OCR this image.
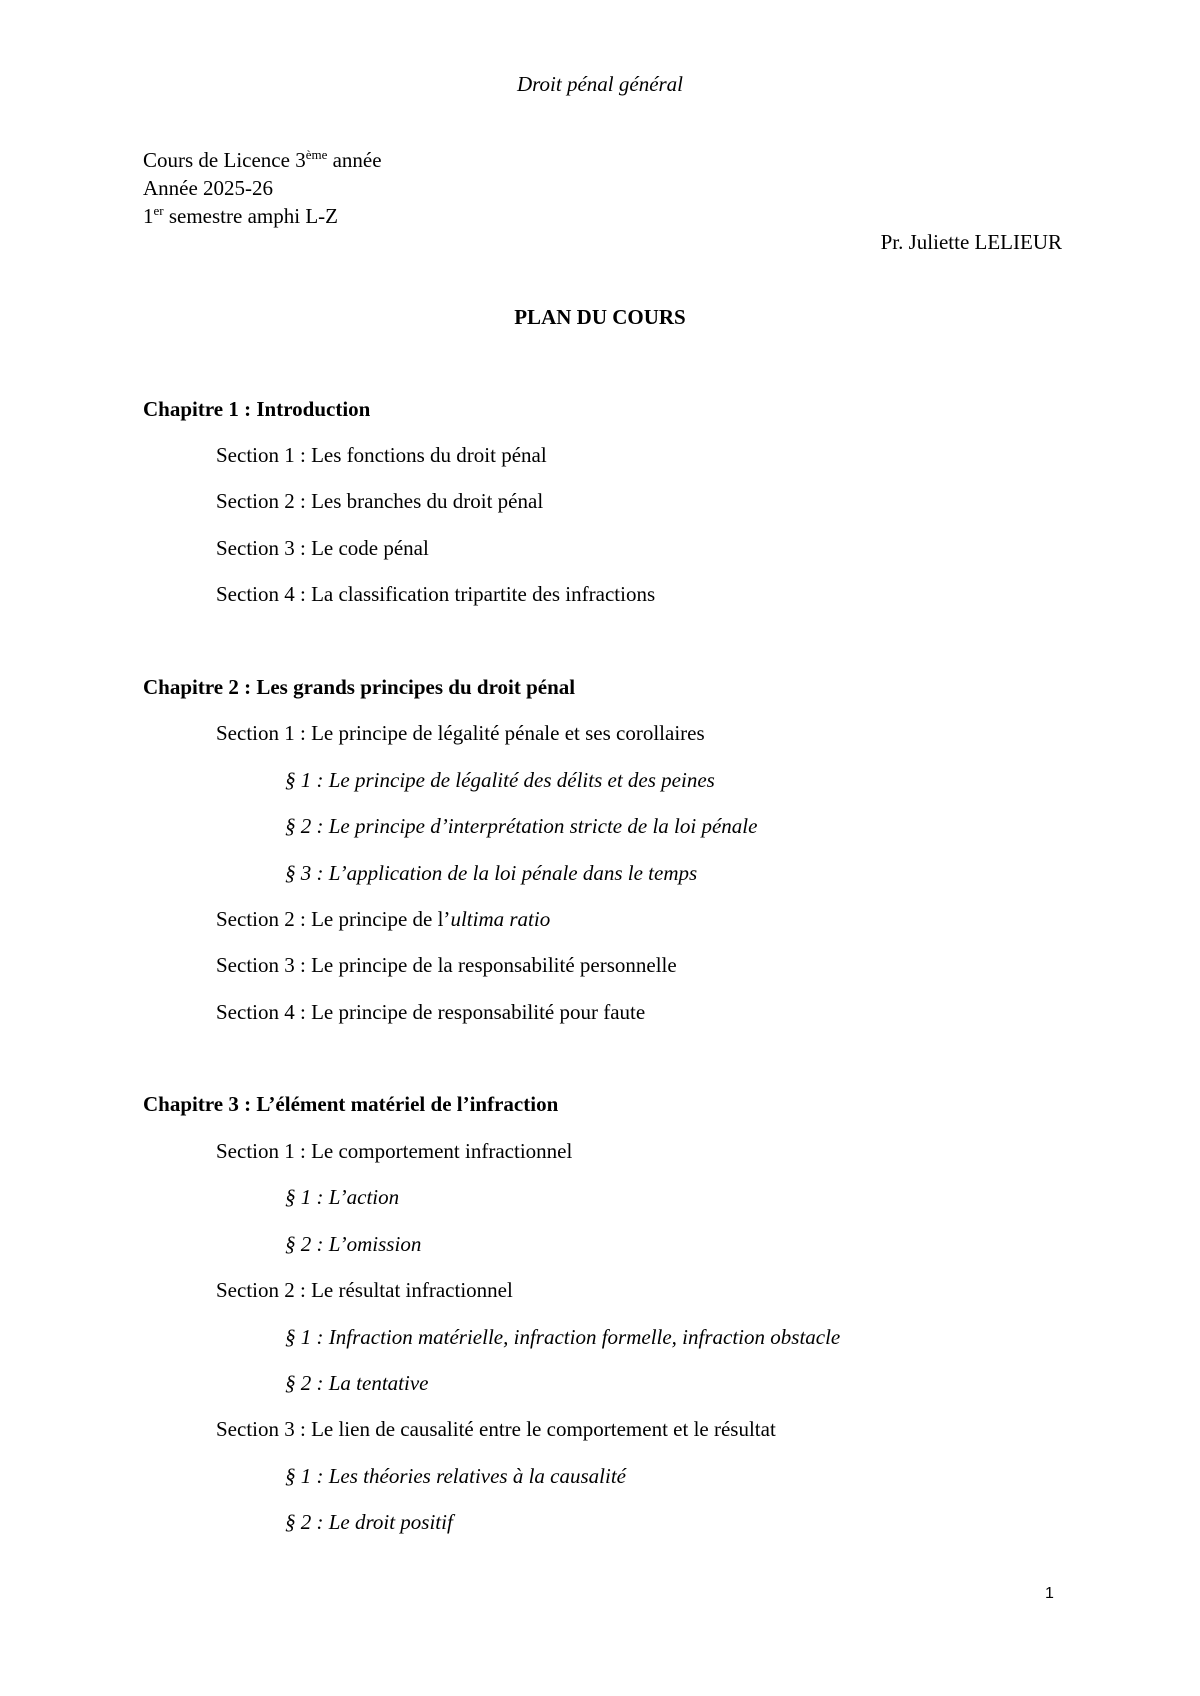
Droit pénal général
Cours de Licence 3ème année
Année 2025-26
1er semestre amphi L-Z
Pr. Juliette LELIEUR
PLAN DU COURS
Chapitre 1 : Introduction
Section 1 : Les fonctions du droit pénal
Section 2 : Les branches du droit pénal
Section 3 : Le code pénal
Section 4 : La classification tripartite des infractions
Chapitre 2 : Les grands principes du droit pénal
Section 1 : Le principe de légalité pénale et ses corollaires
§ 1 : Le principe de légalité des délits et des peines
§ 2 : Le principe d’interprétation stricte de la loi pénale
§ 3 : L’application de la loi pénale dans le temps
Section 2 : Le principe de l’ultima ratio
Section 3 : Le principe de la responsabilité personnelle
Section 4 : Le principe de responsabilité pour faute
Chapitre 3 : L’élément matériel de l’infraction
Section 1 : Le comportement infractionnel
§ 1 : L’action
§ 2 : L’omission
Section 2 : Le résultat infractionnel
§ 1 : Infraction matérielle, infraction formelle, infraction obstacle
§ 2 : La tentative
Section 3 : Le lien de causalité entre le comportement et le résultat
§ 1 : Les théories relatives à la causalité
§ 2 : Le droit positif
1
